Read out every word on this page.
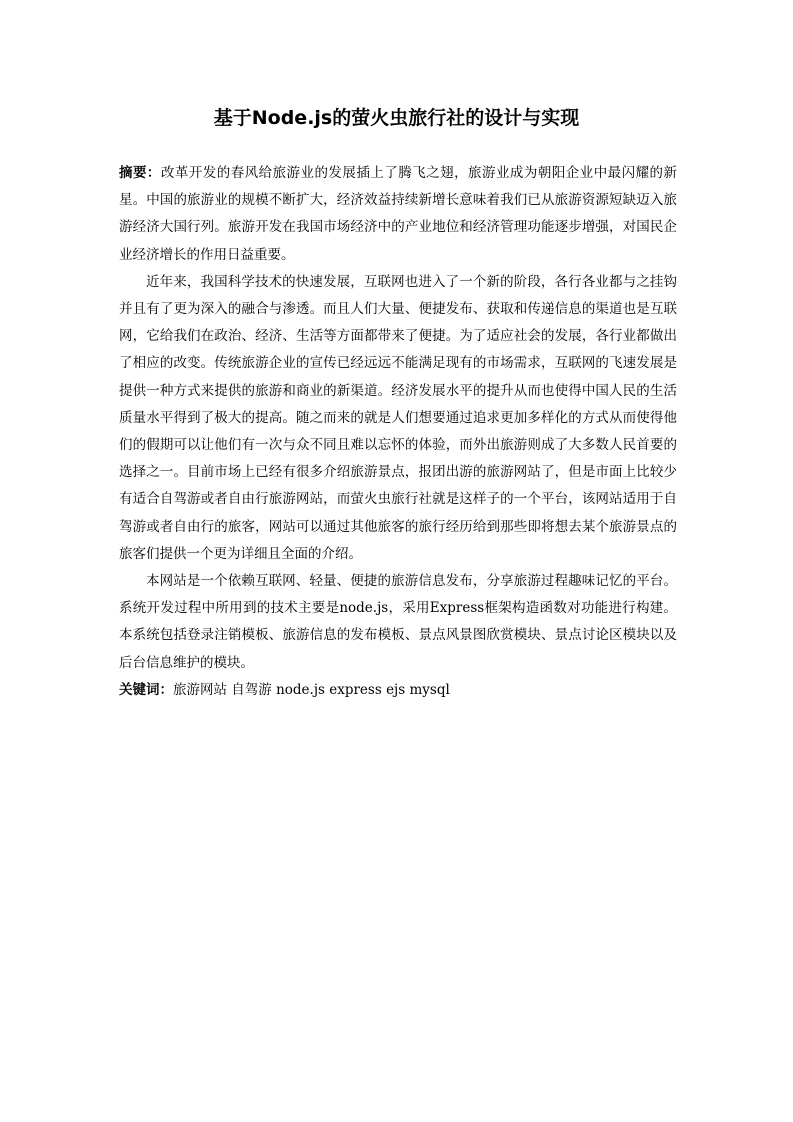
基于Node.js的萤火虫旅行社的设计与实现

摘要：改革开发的春风给旅游业的发展插上了腾飞之翅，旅游业成为朝阳企业中最闪耀的新星。中国的旅游业的规模不断扩大，经济效益持续新增长意味着我们已从旅游资源短缺迈入旅游经济大国行列。旅游开发在我国市场经济中的产业地位和经济管理功能逐步增强，对国民企业经济增长的作用日益重要。

近年来，我国科学技术的快速发展，互联网也进入了一个新的阶段，各行各业都与之挂钩并且有了更为深入的融合与渗透。而且人们大量、便捷发布、获取和传递信息的渠道也是互联网，它给我们在政治、经济、生活等方面都带来了便捷。为了适应社会的发展，各行业都做出了相应的改变。传统旅游企业的宣传已经远远不能满足现有的市场需求，互联网的飞速发展是提供一种方式来提供的旅游和商业的新渠道。经济发展水平的提升从而也使得中国人民的生活质量水平得到了极大的提高。随之而来的就是人们想要通过追求更加多样化的方式从而使得他们的假期可以让他们有一次与众不同且难以忘怀的体验，而外出旅游则成了大多数人民首要的选择之一。目前市场上已经有很多介绍旅游景点，报团出游的旅游网站了，但是市面上比较少有适合自驾游或者自由行旅游网站，而萤火虫旅行社就是这样子的一个平台，该网站适用于自驾游或者自由行的旅客，网站可以通过其他旅客的旅行经历给到那些即将想去某个旅游景点的旅客们提供一个更为详细且全面的介绍。

本网站是一个依赖互联网、轻量、便捷的旅游信息发布，分享旅游过程趣味记忆的平台。系统开发过程中所用到的技术主要是node.js，采用Express框架构造函数对功能进行构建。本系统包括登录注销模板、旅游信息的发布模板、景点风景图欣赏模块、景点讨论区模块以及后台信息维护的模块。

关键词：旅游网站 自驾游 node.js express ejs mysql
